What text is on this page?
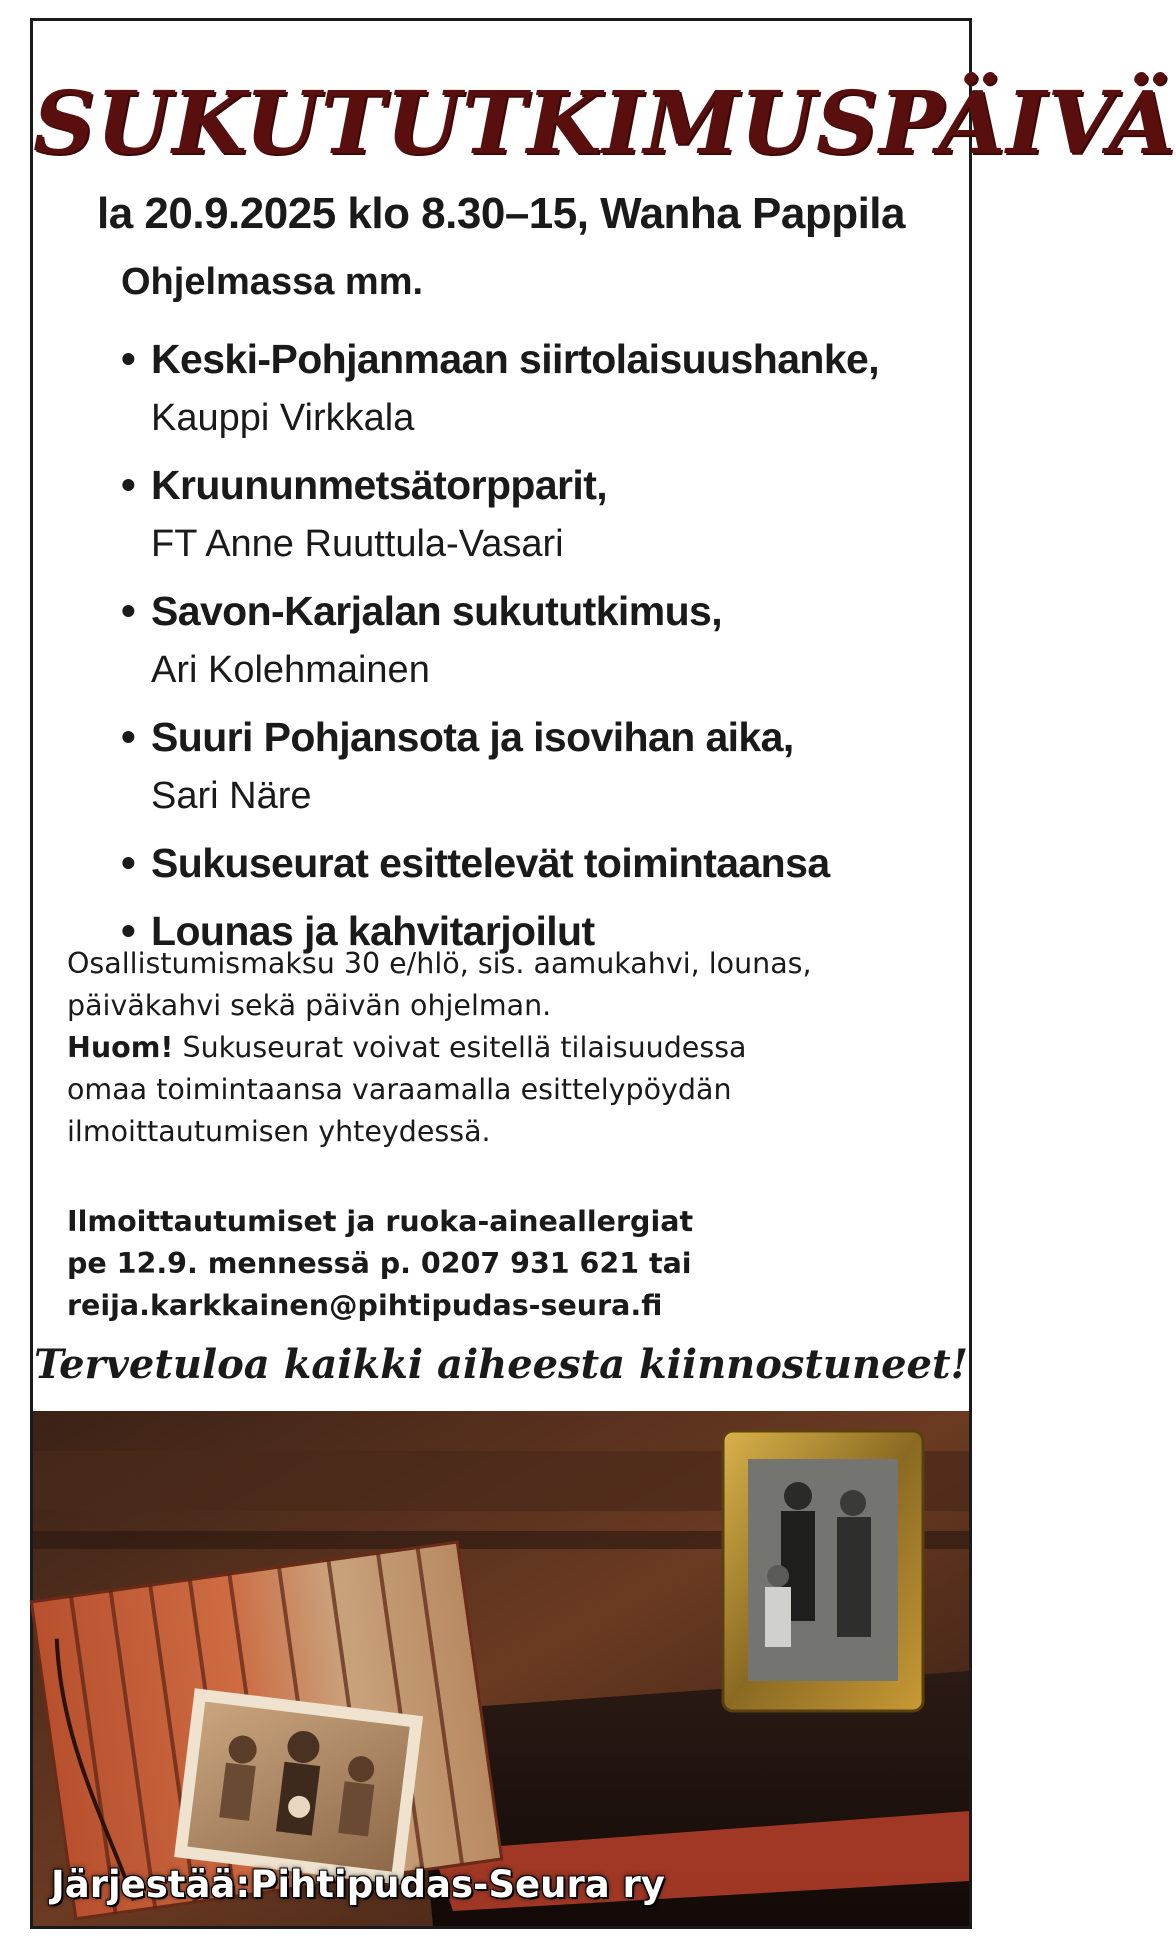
SUKUTUTKIMUSPÄIVÄ
la 20.9.2025 klo 8.30–15, Wanha Pappila
Ohjelmassa mm.
• Keski-Pohjanmaan siirtolaisuushanke,
Kauppi Virkkala
• Kruununmetsätorpparit,
FT Anne Ruuttula-Vasari
• Savon-Karjalan sukututkimus,
Ari Kolehmainen
• Suuri Pohjansota ja isovihan aika,
Sari Näre
• Sukuseurat esittelevät toimintaansa
• Lounas ja kahvitarjoilut
Osallistumismaksu 30 e/hlö, sis. aamukahvi, lounas,
päiväkahvi sekä päivän ohjelman.
Huom! Sukuseurat voivat esitellä tilaisuudessa
omaa toimintaansa varaamalla esittelypöydän
ilmoittautumisen yhteydessä.
Ilmoittautumiset ja ruoka-aineallergiat
pe 12.9. mennessä p. 0207 931 621 tai
reija.karkkainen@pihtipudas-seura.fi
Tervetuloa kaikki aiheesta kiinnostuneet!
Järjestää:Pihtipudas-Seura ry
